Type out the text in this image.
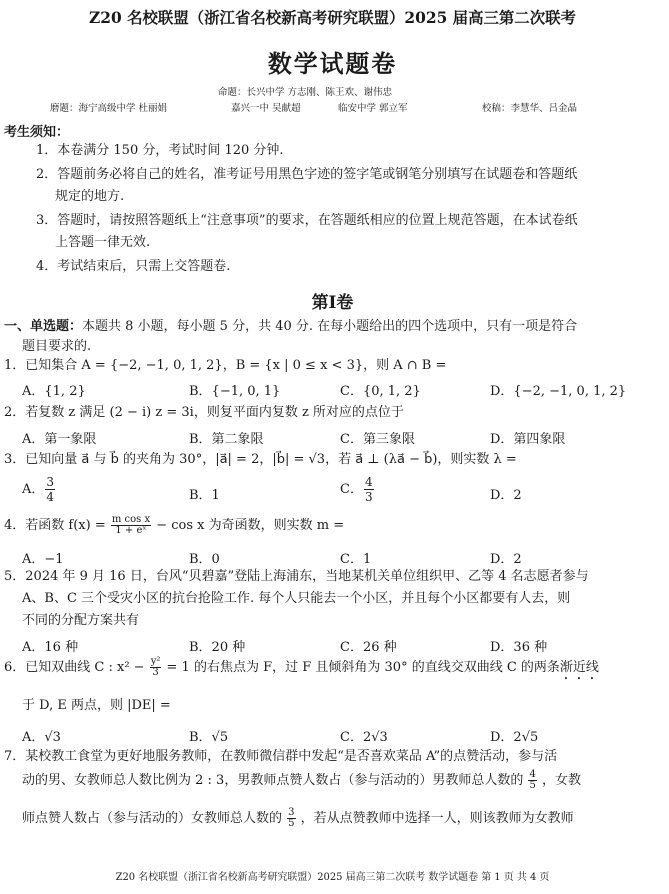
Z20 名校联盟（浙江省名校新高考研究联盟）2025 届高三第二次联考
数学试题卷
命题：长兴中学 方志刚、陈王欢、谢伟忠
磨题：海宁高级中学 杜丽娟	嘉兴一中 吴献超	临安中学 郭立军	校稿：李慧华、吕金晶
考生须知：
1．本卷满分 150 分，考试时间 120 分钟.
2．答题前务必将自己的姓名，准考证号用黑色字迹的签字笔或钢笔分别填写在试题卷和答题纸
规定的地方.
3．答题时，请按照答题纸上“注意事项”的要求，在答题纸相应的位置上规范答题，在本试卷纸
上答题一律无效.
4．考试结束后，只需上交答题卷.
第Ⅰ卷
一、单选题：本题共 8 小题，每小题 5 分，共 40 分. 在每小题给出的四个选项中，只有一项是符合
题目要求的.
1．已知集合 A = {−2, −1, 0, 1, 2}，B = {x | 0 ≤ x < 3}，则 A ∩ B =
A．{1, 2}	B．{−1, 0, 1}	C．{0, 1, 2}	D．{−2, −1, 0, 1, 2}
2．若复数 z 满足 (2 − i) z = 3i，则复平面内复数 z 所对应的点位于
A．第一象限	B．第二象限	C．第三象限	D．第四象限
3．已知向量 a⃗ 与 b⃗ 的夹角为 30°，|a⃗| = 2，|b⃗| = √3，若 a⃗ ⊥ (λa⃗ − b⃗)，则实数 λ =
A． $\frac{3}{4}$	B．1	C． $\frac{4}{3}$	D．2
4．若函数 $f(x) = \frac{\text{m cos x}}{\text{1 + eˣ}} - \cos x$ 为奇函数，则实数 m =
A．−1	B．0	C．1	D．2
5．2024 年 9 月 16 日，台风“贝碧嘉”登陆上海浦东，当地某机关单位组织甲、乙等 4 名志愿者参与
A、B、C 三个受灾小区的抗台抢险工作. 每个人只能去一个小区，并且每个小区都要有人去，则
不同的分配方案共有
A．16 种	B．20 种	C．26 种	D．36 种
6．已知双曲线 C : $x^2 - \frac{\text{y²}}{3} = 1$ 的右焦点为 F，过 F 且倾斜角为 30° 的直线交双曲线 C 的两条渐近线
于 D, E 两点，则 |DE| =
A．√3	B．√5	C．2√3	D．2√5
7．某校教工食堂为更好地服务教师，在教师微信群中发起“是否喜欢菜品 A”的点赞活动，参与活
动的男、女教师总人数比例为 2 : 3，男教师点赞人数占（参与活动的）男教师总人数的 $\frac{4}{5}$ ，女教
师点赞人数占（参与活动的）女教师总人数的 $\frac{3}{5}$ ，若从点赞教师中选择一人，则该教师为女教师
Z20 名校联盟（浙江省名校新高考研究联盟）2025 届高三第二次联考 数学试题卷 第 1 页 共 4 页
